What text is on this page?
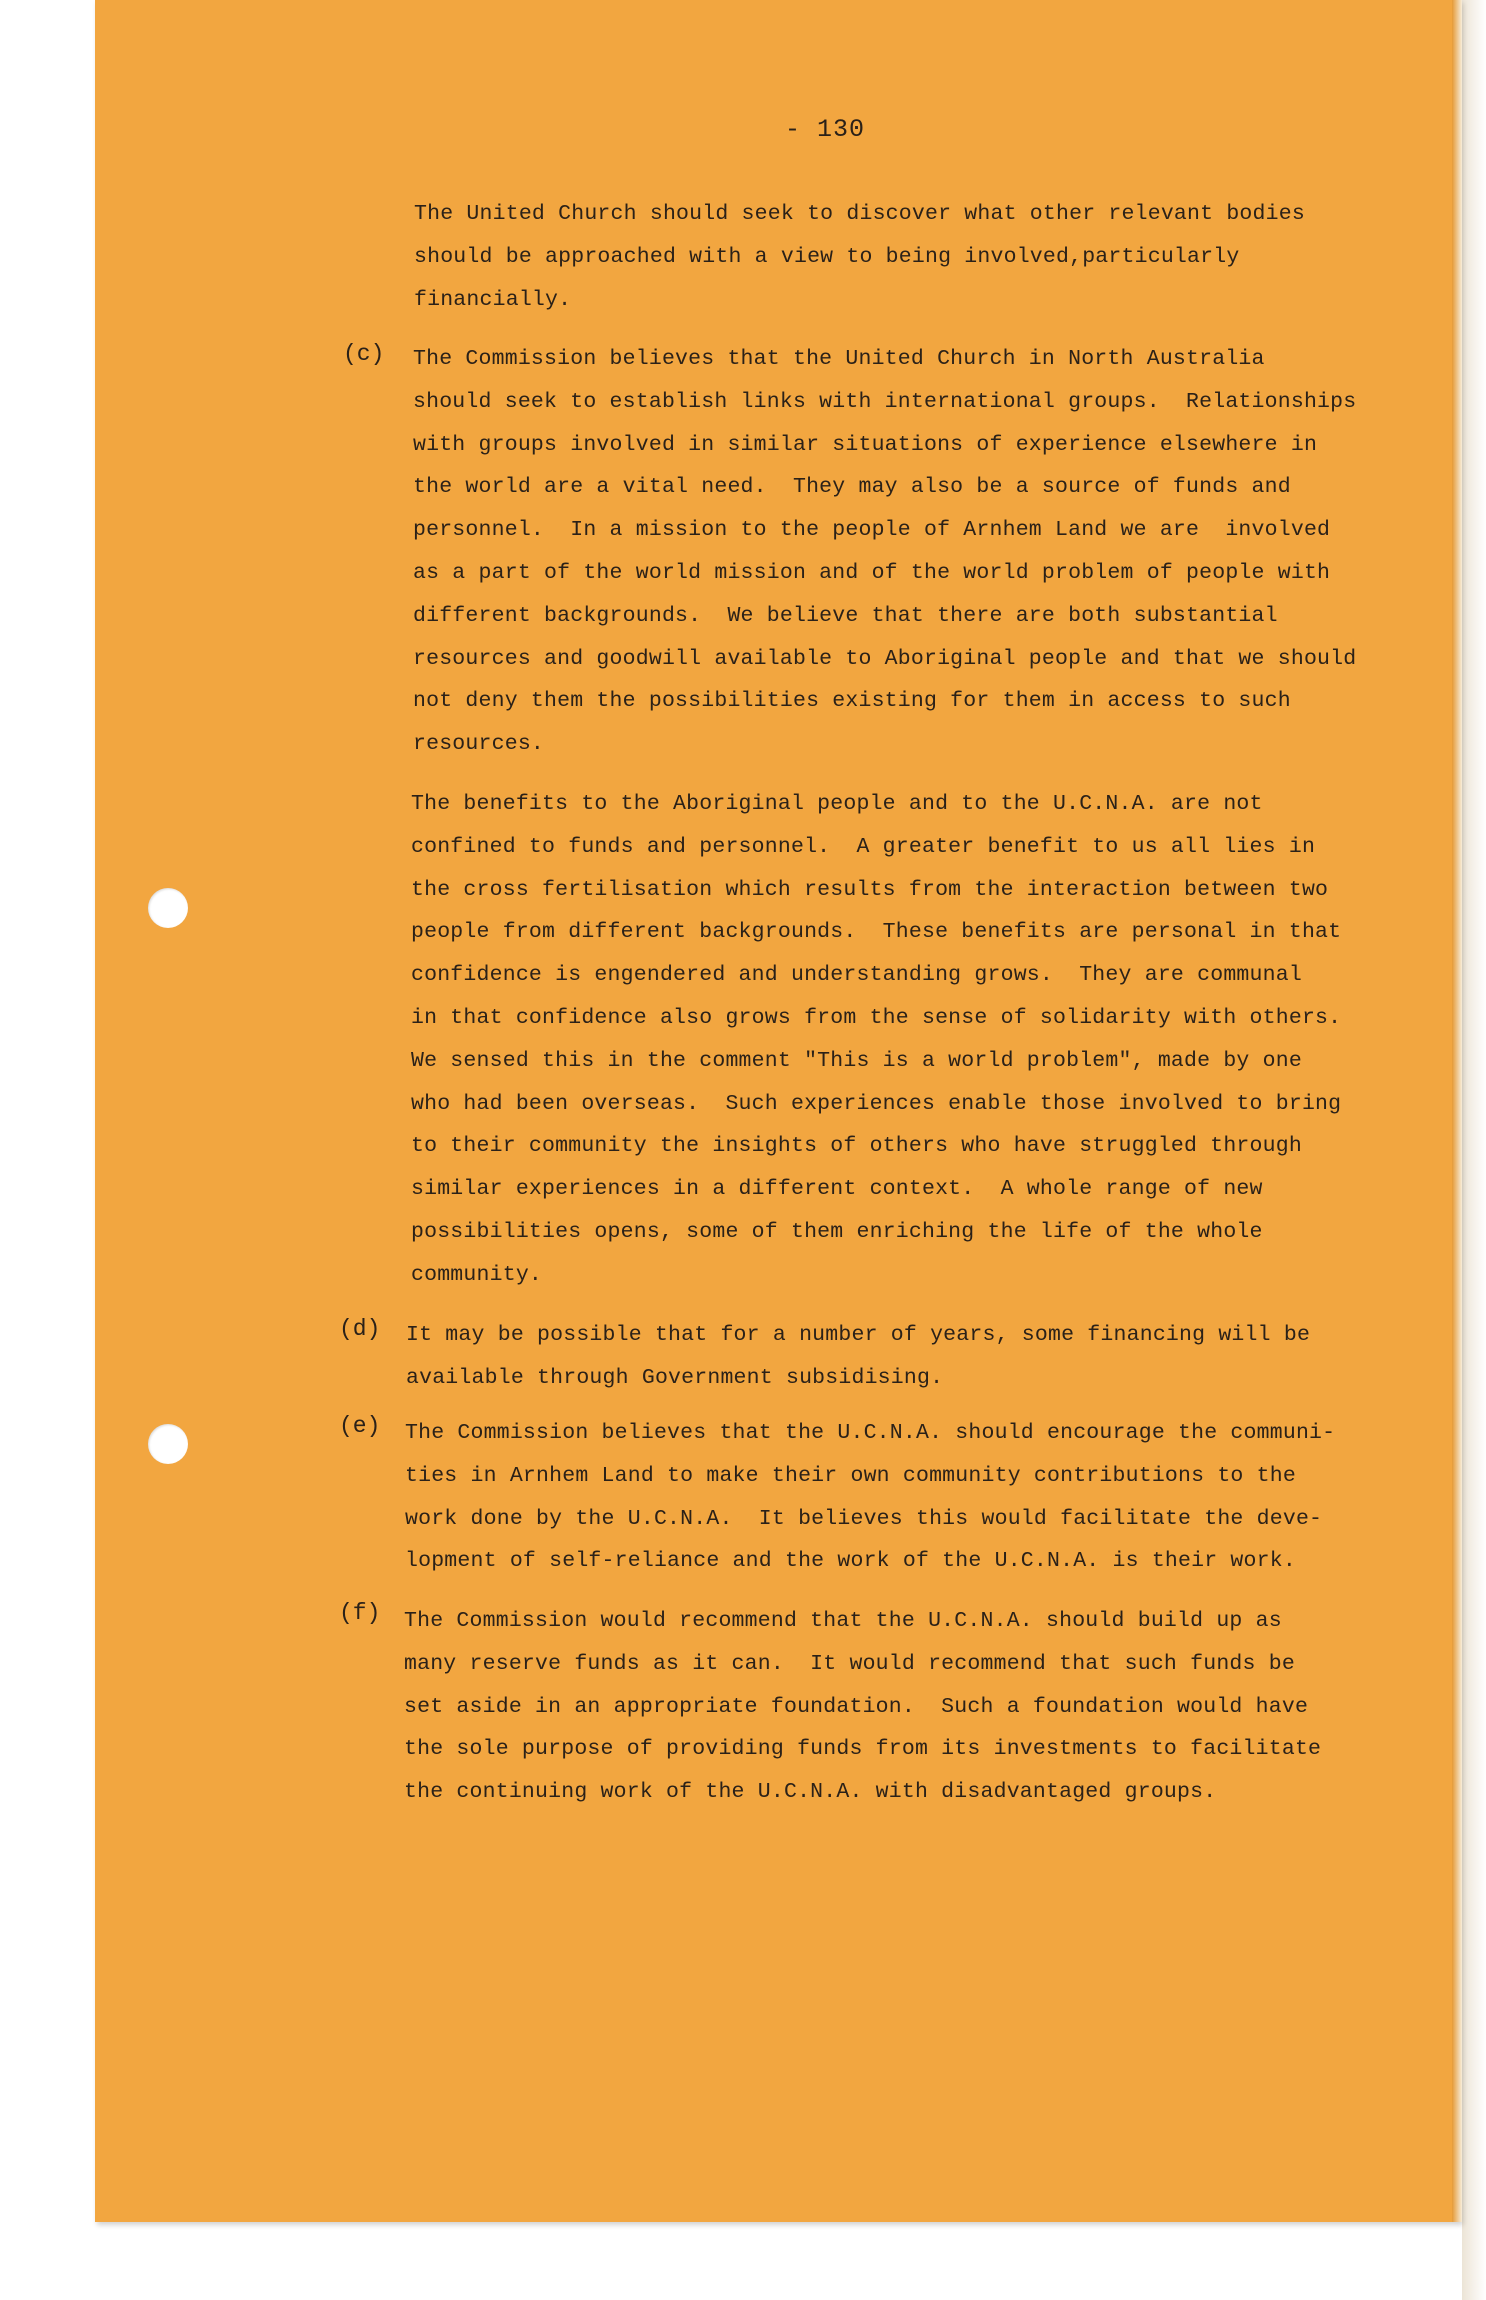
- 130

The United Church should seek to discover what other relevant bodies
should be approached with a view to being involved,particularly
financially.

(c) The Commission believes that the United Church in North Australia
should seek to establish links with international groups.  Relationships
with groups involved in similar situations of experience elsewhere in
the world are a vital need.  They may also be a source of funds and
personnel.  In a mission to the people of Arnhem Land we are  involved
as a part of the world mission and of the world problem of people with
different backgrounds.  We believe that there are both substantial
resources and goodwill available to Aboriginal people and that we should
not deny them the possibilities existing for them in access to such
resources.

The benefits to the Aboriginal people and to the U.C.N.A. are not
confined to funds and personnel.  A greater benefit to us all lies in
the cross fertilisation which results from the interaction between two
people from different backgrounds.  These benefits are personal in that
confidence is engendered and understanding grows.  They are communal
in that confidence also grows from the sense of solidarity with others.
We sensed this in the comment "This is a world problem", made by one
who had been overseas.  Such experiences enable those involved to bring
to their community the insights of others who have struggled through
similar experiences in a different context.  A whole range of new
possibilities opens, some of them enriching the life of the whole
community.

(d) It may be possible that for a number of years, some financing will be
available through Government subsidising.

(e) The Commission believes that the U.C.N.A. should encourage the communi-
ties in Arnhem Land to make their own community contributions to the
work done by the U.C.N.A.  It believes this would facilitate the deve-
lopment of self-reliance and the work of the U.C.N.A. is their work.

(f) The Commission would recommend that the U.C.N.A. should build up as
many reserve funds as it can.  It would recommend that such funds be
set aside in an appropriate foundation.  Such a foundation would have
the sole purpose of providing funds from its investments to facilitate
the continuing work of the U.C.N.A. with disadvantaged groups.
